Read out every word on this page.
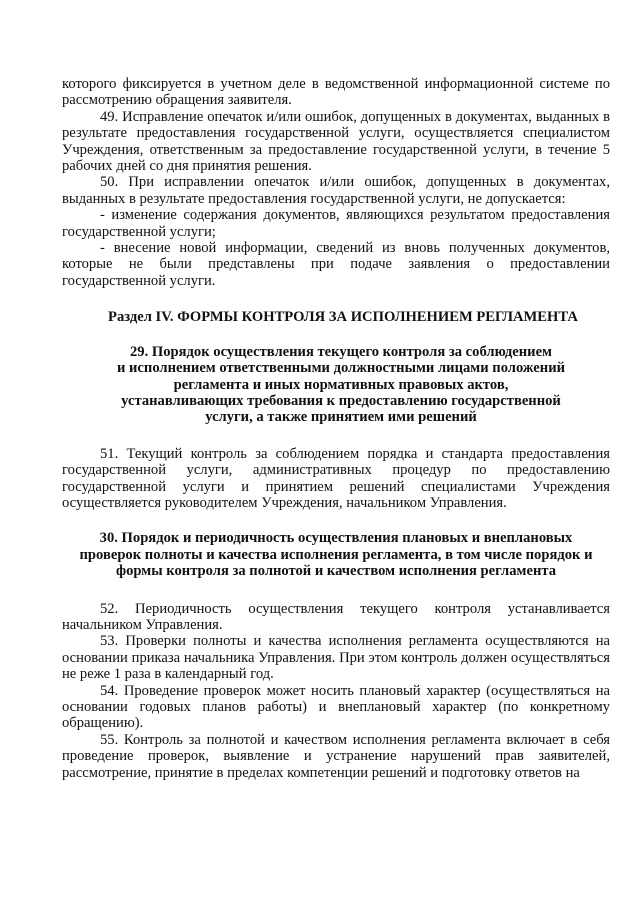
которого фиксируется в учетном деле в ведомственной информационной системе по рассмотрению обращения заявителя.

49. Исправление опечаток и/или ошибок, допущенных в документах, выданных в результате предоставления государственной услуги, осуществляется специалистом Учреждения, ответственным за предоставление государственной услуги, в течение 5 рабочих дней со дня принятия решения.

50. При исправлении опечаток и/или ошибок, допущенных в документах, выданных в результате предоставления государственной услуги, не допускается:

- изменение содержания документов, являющихся результатом предоставления государственной услуги;

- внесение новой информации, сведений из вновь полученных документов, которые не были представлены при подаче заявления о предоставлении государственной услуги.

Раздел IV. ФОРМЫ КОНТРОЛЯ ЗА ИСПОЛНЕНИЕМ РЕГЛАМЕНТА

29. Порядок осуществления текущего контроля за соблюдением
и исполнением ответственными должностными лицами положений
регламента и иных нормативных правовых актов,
устанавливающих требования к предоставлению государственной
услуги, а также принятием ими решений

51. Текущий контроль за соблюдением порядка и стандарта предоставления государственной услуги, административных процедур по предоставлению государственной услуги и принятием решений специалистами Учреждения осуществляется руководителем Учреждения, начальником Управления.

30. Порядок и периодичность осуществления плановых и внеплановых
проверок полноты и качества исполнения регламента, в том числе порядок и
формы контроля за полнотой и качеством исполнения регламента

52. Периодичность осуществления текущего контроля устанавливается начальником Управления.

53. Проверки полноты и качества исполнения регламента осуществляются на основании приказа начальника Управления. При этом контроль должен осуществляться не реже 1 раза в календарный год.

54. Проведение проверок может носить плановый характер (осуществляться на основании годовых планов работы) и внеплановый характер (по конкретному обращению).

55. Контроль за полнотой и качеством исполнения регламента включает в себя проведение проверок, выявление и устранение нарушений прав заявителей, рассмотрение, принятие в пределах компетенции решений и подготовку ответов на
